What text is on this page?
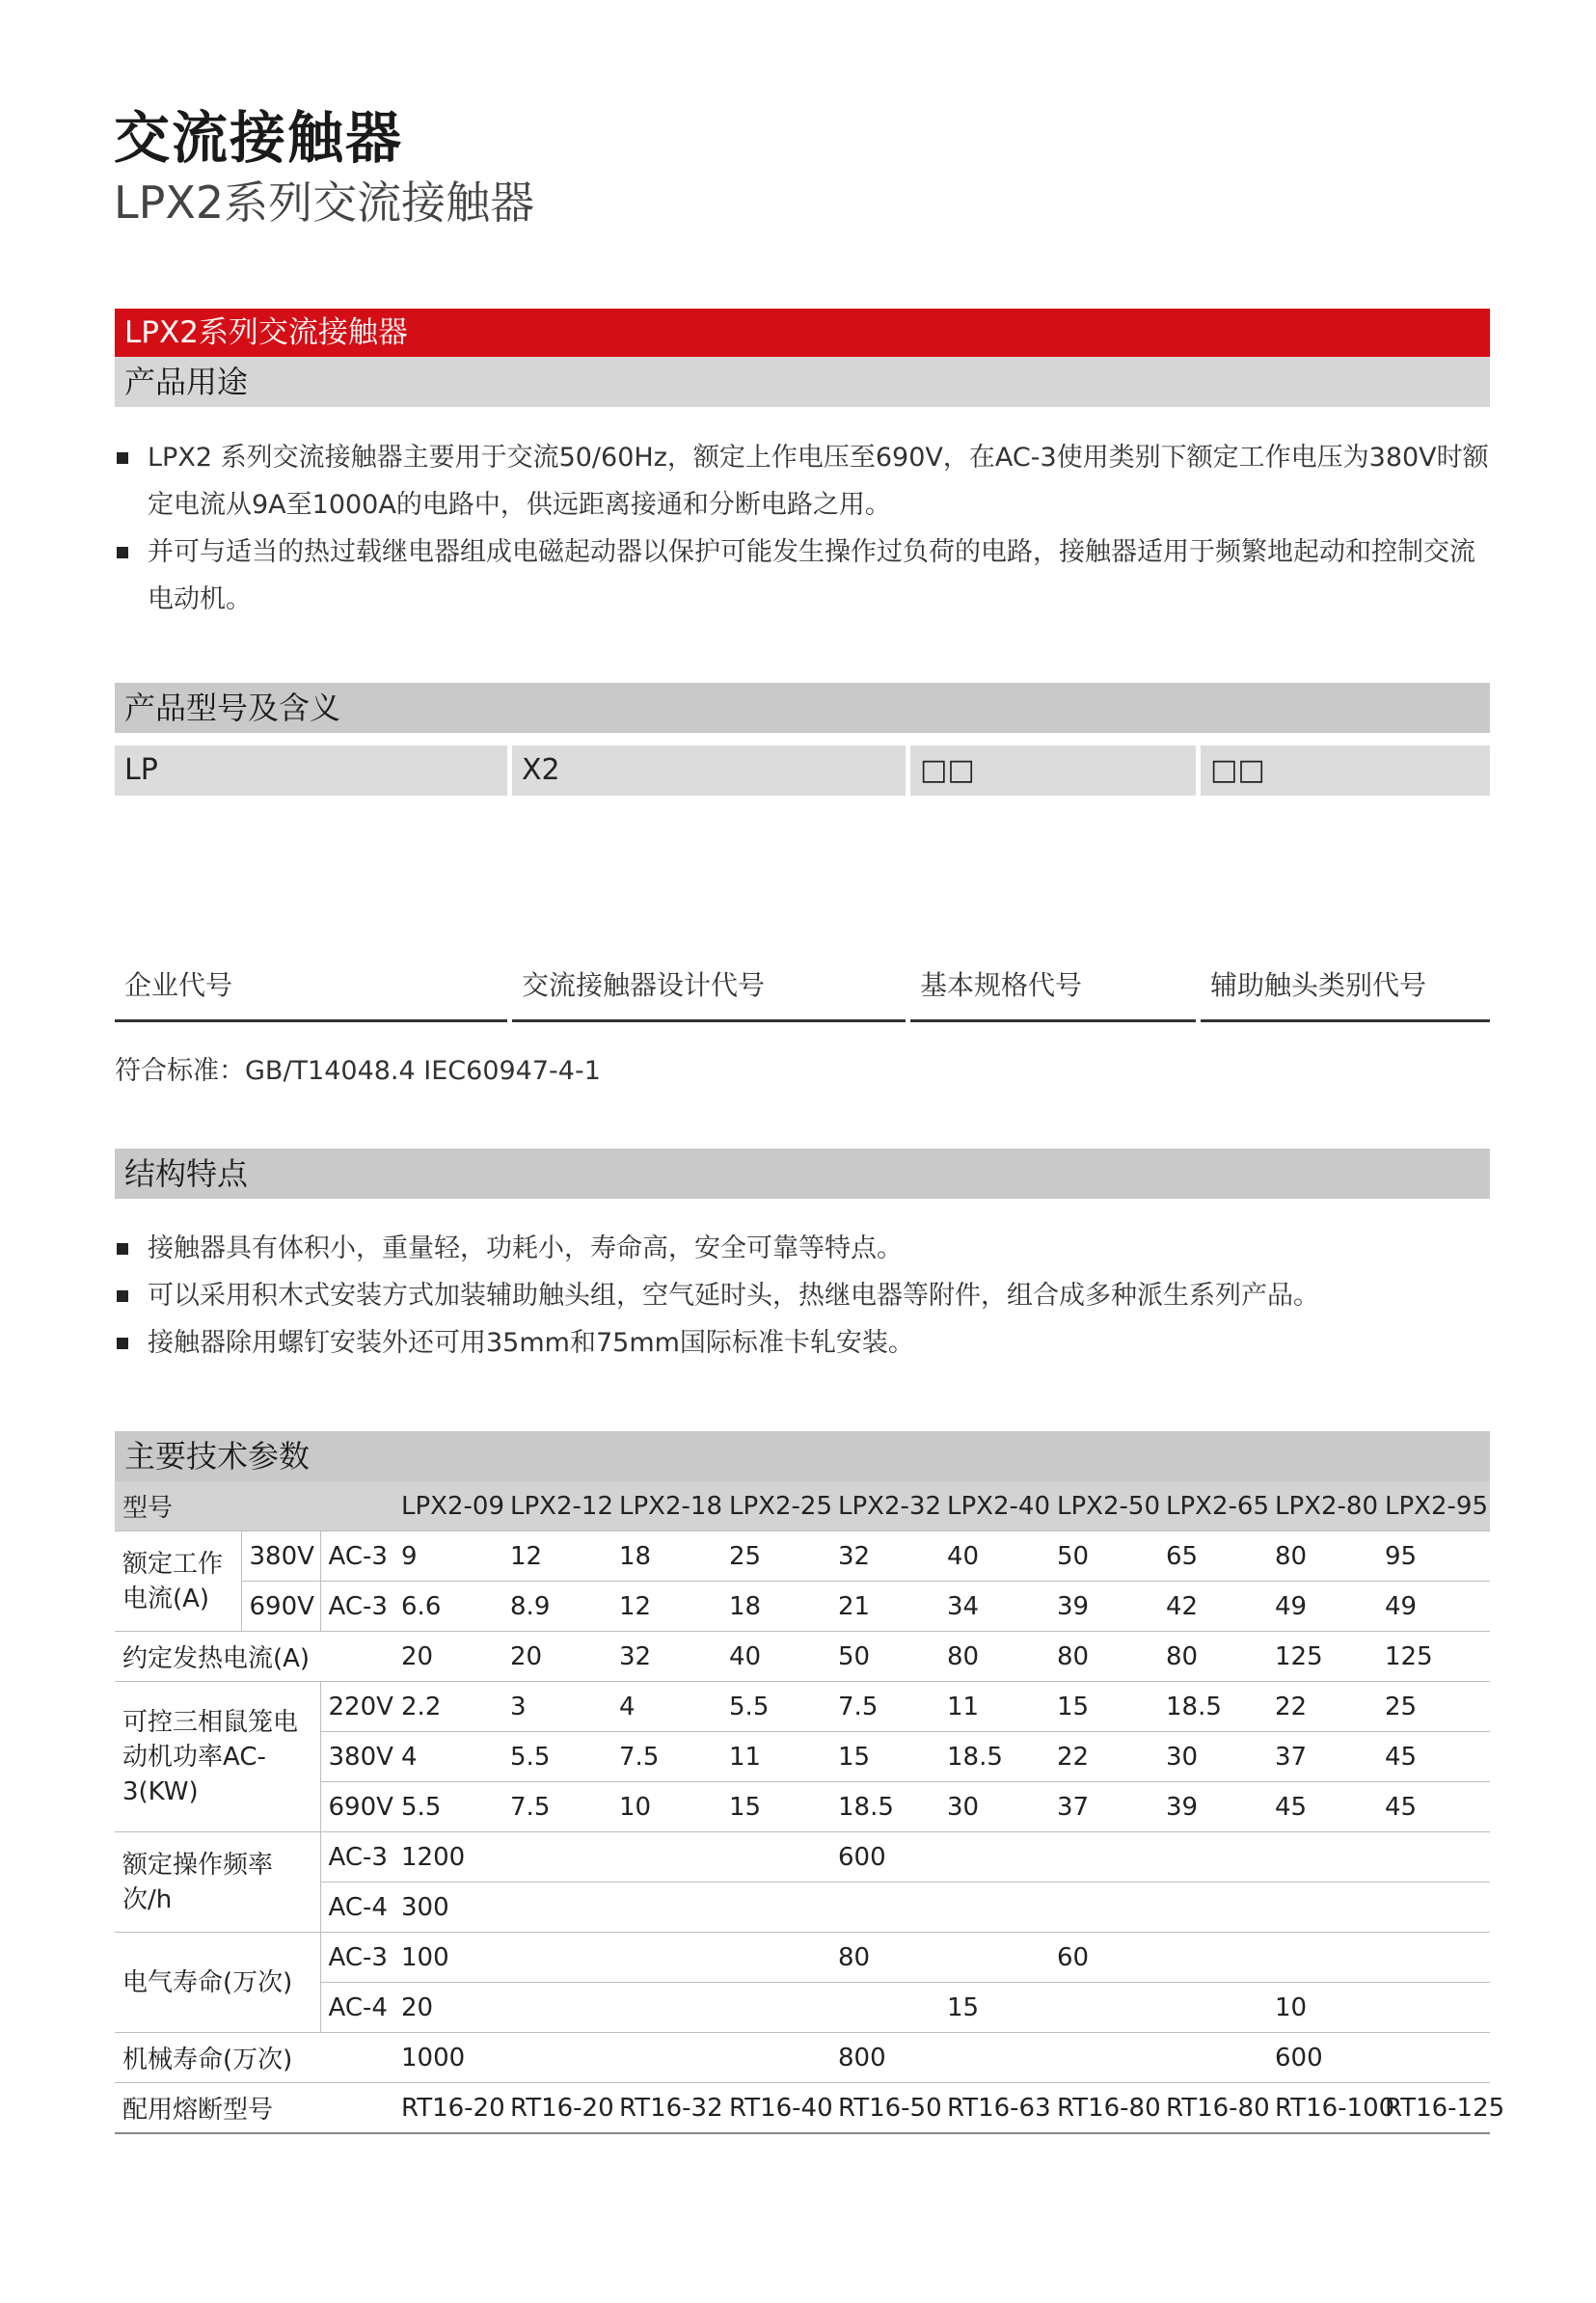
交流接触器
LPX2系列交流接触器
LPX2系列交流接触器
产品用途
LPX2 系列交流接触器主要用于交流50/60Hz，额定上作电压至690V，在AC-3使用类别下额定工作电压为380V时额定电流从9A至1000A的电路中，供远距离接通和分断电路之用。
并可与适当的热过载继电器组成电磁起动器以保护可能发生操作过负荷的电路，接触器适用于频繁地起动和控制交流电动机。
产品型号及含义
LP	X2	□□	□□
企业代号	交流接触器设计代号	基本规格代号	辅助触头类别代号
符合标准：GB/T14048.4 IEC60947-4-1
结构特点
接触器具有体积小，重量轻，功耗小，寿命高，安全可靠等特点。
可以采用积木式安装方式加装辅助触头组，空气延时头，热继电器等附件，组合成多种派生系列产品。
接触器除用螺钉安装外还可用35mm和75mm国际标准卡轧安装。
主要技术参数
型号			LPX2-09	LPX2-12	LPX2-18	LPX2-25	LPX2-32	LPX2-40	LPX2-50	LPX2-65	LPX2-80	LPX2-95
额定工作电流(A)	380V	AC-3	9	12	18	25	32	40	50	65	80	95
	690V	AC-3	6.6	8.9	12	18	21	34	39	42	49	49
约定发热电流(A)			20	20	32	40	50	80	80	80	125	125
可控三相鼠笼电动机功率AC-3(KW)		220V	2.2	3	4	5.5	7.5	11	15	18.5	22	25
		380V	4	5.5	7.5	11	15	18.5	22	30	37	45
		690V	5.5	7.5	10	15	18.5	30	37	39	45	45
额定操作频率次/h		AC-3	1200				600					
		AC-4	300									
电气寿命(万次)		AC-3	100				80		60			
		AC-4	20					15			10	
机械寿命(万次)			1000				800				600	
配用熔断型号			RT16-20	RT16-20	RT16-32	RT16-40	RT16-50	RT16-63	RT16-80	RT16-80	RT16-100	RT16-125
